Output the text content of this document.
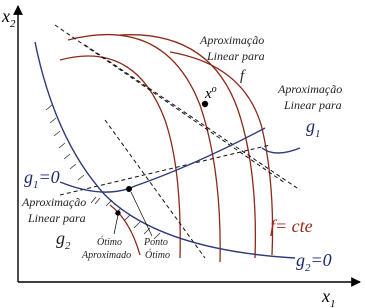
$x_2$
$x_1$
Aproximação
Linear para
f
$x^o$	Aproximação
Linear para
$g_1$
$g_1=0$
Aproximação
Linear para
$g_2$	Ótimo
Aproximado
Ponto
Ótimo
f= cte
$g_2=0$
